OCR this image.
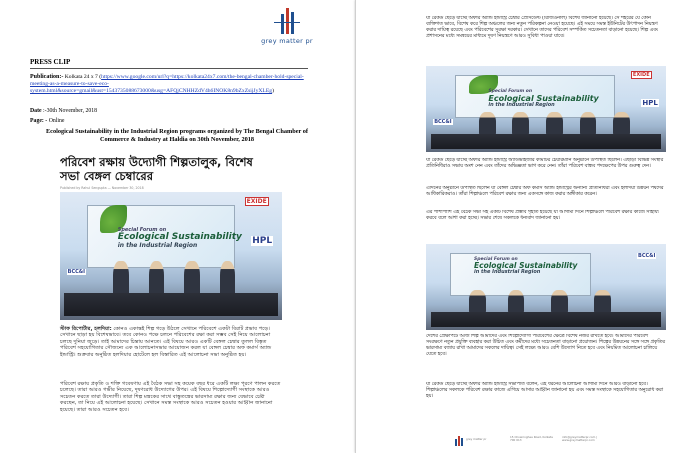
grey matter pr
PRESS CLIP
Publication:- Kolkata 24 x 7 (https://www.google.com/url?q=https://kolkata24x7.com/the-bengal-chamber-hold-special-meeting-as-a-measure-to-save-eco-system.html&source=gmail&ust=1543735088673000&usg=AFQjCNHHZdV4h6INOK8n9bZxZsijJyXLEg)
Date :-30th November, 2018
Page: - Online
Ecological Sustainability in the Industrial Region programs organized by The Bengal Chamber of Commerce & Industry at Haldia on 30th November, 2018
পরিবেশ রক্ষায় উদ্যোগী শিল্পতালুক, বিশেষ সভা বেঙ্গল চেম্বারের
Published by Rahul Sengupta — November 30, 2018
Special Forum on
Ecological Sustainability
in the Industrial Region
EXIDE
HPL
BCC&I
স্টাফ রিপোর্টার, হলদিয়া: কোনও একান্তই শিল্প গড়ে উঠলে সেখানে পরিবেশে একটা বিরাট প্রভাব পড়ে। সেখানে ছাড়া হয় বিশেষভাবে। তবে কোনও পক্ষে চলনে পরিবেশের রক্ষা করা সম্ভব সেই নিয়ে আলোচনা চলছে দুনিয়া জুড়ে। তাই আমাদের চিন্তায় আনতে। এই বিষয়ে আরও একটি বেঙ্গল চেম্বার তুলল বিস্তৃত পরিবেশ সহযোগিতার সৌজন্যে এক আলোচনাসভার আয়োজন করল যা বেঙ্গল চেম্বার অফ কমার্স অ্যান্ড ইন্ডাস্ট্রি। শুক্রবার অনুষ্ঠিত হলদিয়ার হোটেলে হল বিস্তারিত এই আলোচনা সভা অনুষ্ঠিত হয়।
পরিবেশ রক্ষায় প্রকৃতি ও শক্তি গবেষণায় এই বৈঠক সভা সহ কয়েক বছর ধরে একটি লক্ষ্য পূরণে পালন করতে চলেছে। তারা আরও গভীর নিয়েছে, দূষণরোধ উদ্যোগের উপর। এই বিষয়ে শিল্পোদ্যোগী সংস্থাকে আরও সচেতন করতে তারা উদ্যোগী। তারা শিল্প মন্ত্রকের সাথে বাস্তুতন্ত্রের ভারসাম্য রক্ষার জন্য যেভাবে চেষ্টা করছেন, তা নিয়ে এই আলোচনা হয়েছে। সেখানে সমস্ত সংস্থাকে আরও সচেতন হওয়ার আহ্বান জানানো হয়েছে। তারা আরও সচেতন হবে।
যা রেকর্ড ছেড়ে যাচ্ছে অফার অ্যান্ড ইন্ডাস্ট্রি চেম্বার প্রেসিডেন্ট (রিজিওনাল) বিশেষ জানানো হয়েছে। সে শহরের যে কোন ব্যক্তিগত ভাবে, বিশেষ করে শিল্প অঞ্চলের জন্য নতুন পরিকল্পনা নেওয়া হয়েছে। এই সময়ে সমস্ত ইউনিটের উৎপাদন নিয়ন্ত্রণ করার দায়িত্ব রয়েছে এবং পরিবেশের সুরক্ষা দরকার। সেখানে তাদের পরিবেশ সম্পর্কিত সচেতনতা বাড়ানো হয়েছে। শিল্প এবং প্রশাসনের মধ্যে সমন্বয়ের মাধ্যমে দূষণ নিয়ন্ত্রণে আরও সুবিধা পাওয়া যাবে।
Special Forum on
Ecological Sustainability
in the Industrial Region
EXIDE
HPL
BCC&I
যা রেকর্ড ছেড়ে যাচ্ছে অফার অ্যান্ড ইন্ডাস্ট্রি অ্যাডভাইজরি কমিটির চেয়ারম্যান অনুষ্ঠানে উপস্থিত ছিলেন। এছাড়া বিভিন্ন সংস্থার প্রতিনিধিরাও সভায় অংশ নেন এবং তাঁদের অভিজ্ঞতা ভাগ করে নেন। তাঁরা পরিবেশ বান্ধব পদক্ষেপের উপর গুরুত্ব দেন।
এদিনের অনুষ্ঠানে উপস্থিত ছিলেন যা বেঙ্গল চেম্বার অফ কমার্স অ্যান্ড ইন্ডাস্ট্রির অন্যান্য প্রতিনিধিরা এবং হলদিয়া উন্নয়ন পর্ষদের আধিকারিকরাও। তাঁরা শিল্পাঞ্চলে পরিবেশ রক্ষার জন্য একসঙ্গে কাজ করার অঙ্গীকার করেন।
এর পাশাপাশি এই বৈঠক সভা সহ একটি বিশেষ প্রস্তাব গৃহীত হয়েছে যা আগামী দিনে শিল্পাঞ্চলে পরিবেশ রক্ষার কাজে সাহায্য করবে বলে আশা করা হচ্ছে। সভার শেষে সকলকে ধন্যবাদ জানানো হয়।
Special Forum on
Ecological Sustainability
in the Industrial Region
BCC&I
দেশের প্রেক্ষাপটে আজ শিল্প আমাদের এবং শিল্পোদ্যোগী পরিবেশের ক্ষেত্রে বিশেষ নজর রাখতে হবে। আমাদের পরিবেশ সংরক্ষণে নতুন প্রযুক্তি ব্যবহার করা উচিত এবং কর্মীদের মধ্যে সচেতনতা বাড়ানো প্রয়োজন। শিল্পের উন্নয়নের সঙ্গে সঙ্গে প্রকৃতির ভারসাম্য বজায় রাখা আমাদের সকলের দায়িত্ব। সেই লক্ষ্যে আরও বেশি উদ্যোগ নিতে হবে এবং নিয়মিত আলোচনা চালিয়ে যেতে হবে।
যা রেকর্ড ছেড়ে যাচ্ছে অফার অ্যান্ড ইন্ডাস্ট্রি সভাপতি বলেন, এই ধরনের আলোচনা আগামী দিনে আরও বাড়ানো হবে। শিল্পাঞ্চলের সকলকে পরিবেশ রক্ষার কাজে এগিয়ে আসার আহ্বান জানানো হয় এবং সমস্ত সংস্থাকে সহযোগিতার অনুরোধ করা হয়।
grey matter pr	15 Chowringhee Road, Kolkata 700 013
info@greymatterpr.com | www.greymatterpr.com
